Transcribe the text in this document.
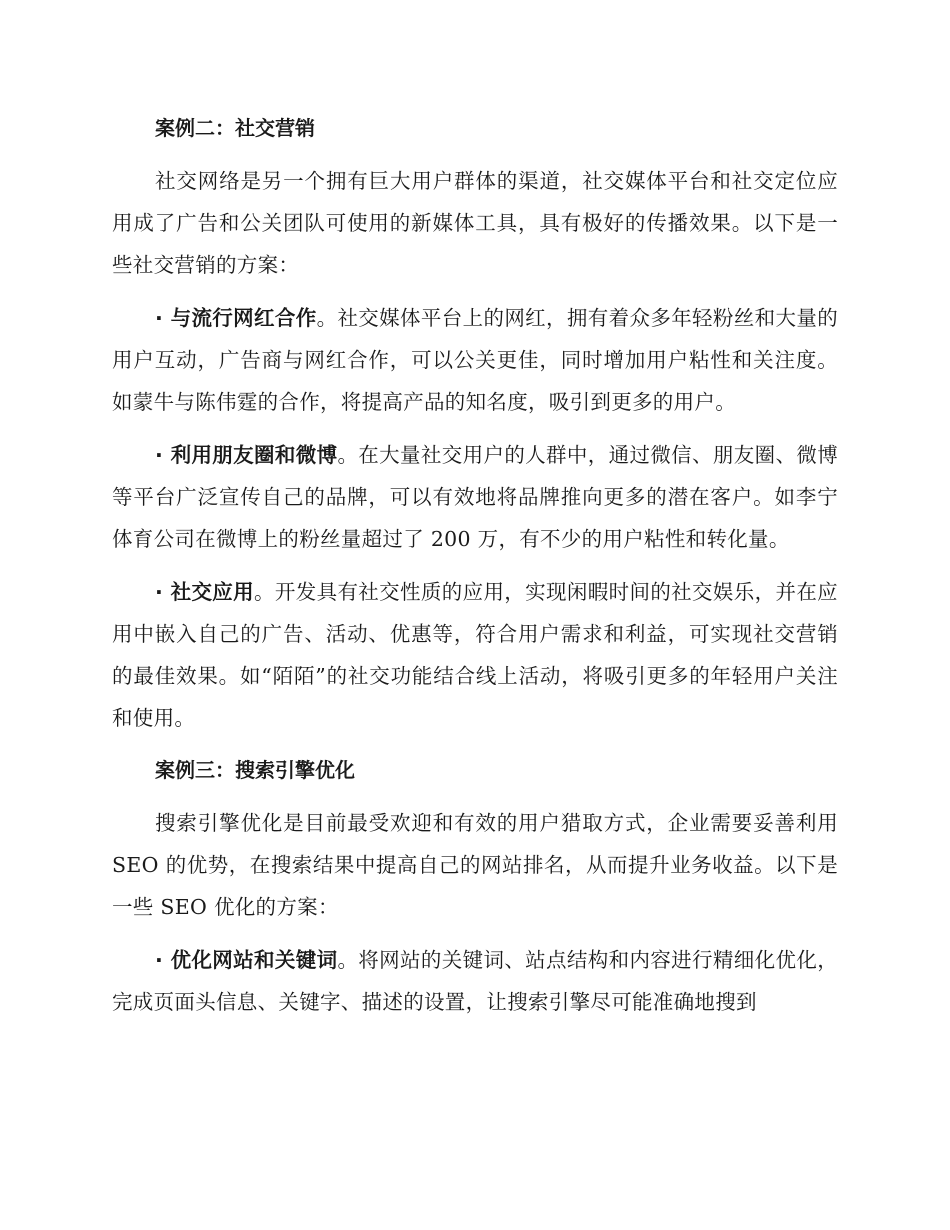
案例二：社交营销

社交网络是另一个拥有巨大用户群体的渠道，社交媒体平台和社交定位应用成了广告和公关团队可使用的新媒体工具，具有极好的传播效果。以下是一些社交营销的方案：

· 与流行网红合作。社交媒体平台上的网红，拥有着众多年轻粉丝和大量的用户互动，广告商与网红合作，可以公关更佳，同时增加用户粘性和关注度。如蒙牛与陈伟霆的合作，将提高产品的知名度，吸引到更多的用户。

· 利用朋友圈和微博。在大量社交用户的人群中，通过微信、朋友圈、微博等平台广泛宣传自己的品牌，可以有效地将品牌推向更多的潜在客户。如李宁体育公司在微博上的粉丝量超过了 200 万，有不少的用户粘性和转化量。

· 社交应用。开发具有社交性质的应用，实现闲暇时间的社交娱乐，并在应用中嵌入自己的广告、活动、优惠等，符合用户需求和利益，可实现社交营销的最佳效果。如“陌陌”的社交功能结合线上活动，将吸引更多的年轻用户关注和使用。

案例三：搜索引擎优化

搜索引擎优化是目前最受欢迎和有效的用户猎取方式，企业需要妥善利用 SEO 的优势，在搜索结果中提高自己的网站排名，从而提升业务收益。以下是一些 SEO 优化的方案：

· 优化网站和关键词。将网站的关键词、站点结构和内容进行精细化优化，完成页面头信息、关键字、描述的设置，让搜索引擎尽可能准确地搜到
